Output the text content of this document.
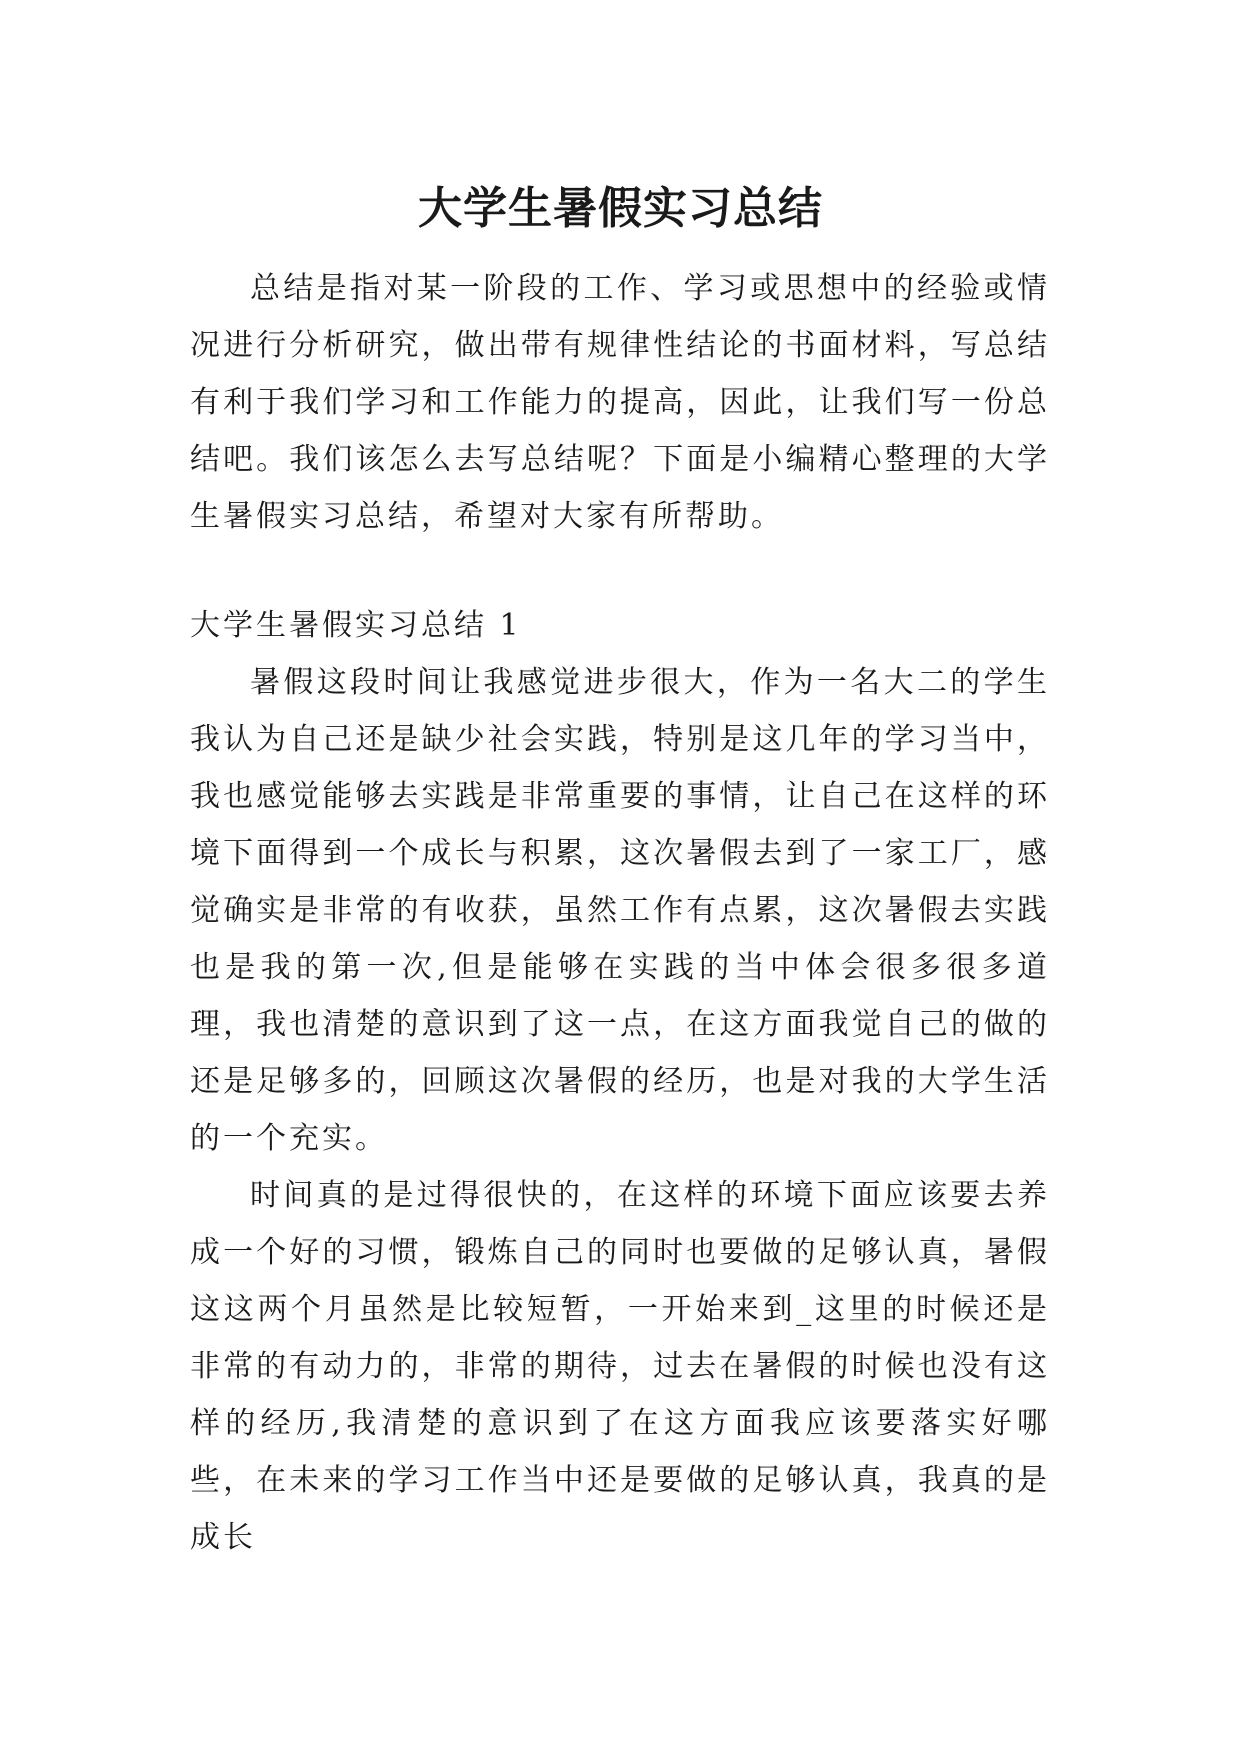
大学生暑假实习总结

总结是指对某一阶段的工作、学习或思想中的经验或情况进行分析研究，做出带有规律性结论的书面材料，写总结有利于我们学习和工作能力的提高，因此，让我们写一份总结吧。我们该怎么去写总结呢？下面是小编精心整理的大学生暑假实习总结，希望对大家有所帮助。

大学生暑假实习总结 1

暑假这段时间让我感觉进步很大，作为一名大二的学生我认为自己还是缺少社会实践，特别是这几年的学习当中，我也感觉能够去实践是非常重要的事情，让自己在这样的环境下面得到一个成长与积累，这次暑假去到了一家工厂，感觉确实是非常的有收获，虽然工作有点累，这次暑假去实践也是我的第一次,但是能够在实践的当中体会很多很多道理，我也清楚的意识到了这一点，在这方面我觉自己的做的还是足够多的，回顾这次暑假的经历，也是对我的大学生活的一个充实。

时间真的是过得很快的，在这样的环境下面应该要去养成一个好的习惯，锻炼自己的同时也要做的足够认真，暑假这这两个月虽然是比较短暂，一开始来到_这里的时候还是非常的有动力的，非常的期待，过去在暑假的时候也没有这样的经历,我清楚的意识到了在这方面我应该要落实好哪些，在未来的学习工作当中还是要做的足够认真，我真的是成长
